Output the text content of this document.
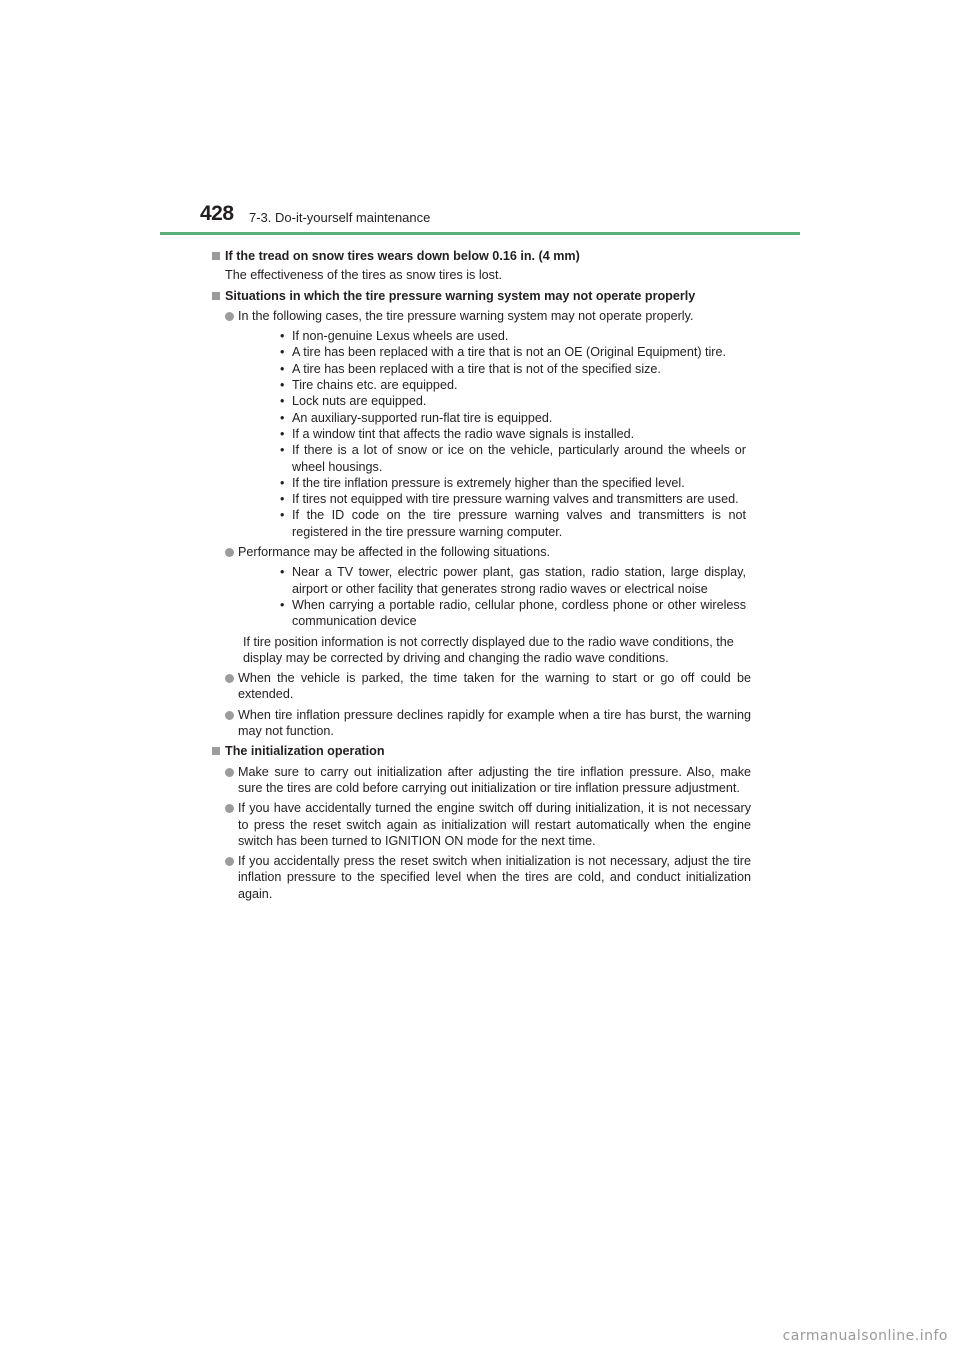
428 7-3. Do-it-yourself maintenance
If the tread on snow tires wears down below 0.16 in. (4 mm)
The effectiveness of the tires as snow tires is lost.
Situations in which the tire pressure warning system may not operate properly
In the following cases, the tire pressure warning system may not operate properly.
• If non-genuine Lexus wheels are used.
• A tire has been replaced with a tire that is not an OE (Original Equipment) tire.
• A tire has been replaced with a tire that is not of the specified size.
• Tire chains etc. are equipped.
• Lock nuts are equipped.
• An auxiliary-supported run-flat tire is equipped.
• If a window tint that affects the radio wave signals is installed.
• If there is a lot of snow or ice on the vehicle, particularly around the wheels or wheel housings.
• If the tire inflation pressure is extremely higher than the specified level.
• If tires not equipped with tire pressure warning valves and transmitters are used.
• If the ID code on the tire pressure warning valves and transmitters is not registered in the tire pressure warning computer.
Performance may be affected in the following situations.
• Near a TV tower, electric power plant, gas station, radio station, large display, airport or other facility that generates strong radio waves or electrical noise
• When carrying a portable radio, cellular phone, cordless phone or other wireless communication device
If tire position information is not correctly displayed due to the radio wave conditions, the display may be corrected by driving and changing the radio wave conditions.
When the vehicle is parked, the time taken for the warning to start or go off could be extended.
When tire inflation pressure declines rapidly for example when a tire has burst, the warning may not function.
The initialization operation
Make sure to carry out initialization after adjusting the tire inflation pressure. Also, make sure the tires are cold before carrying out initialization or tire inflation pressure adjustment.
If you have accidentally turned the engine switch off during initialization, it is not necessary to press the reset switch again as initialization will restart automatically when the engine switch has been turned to IGNITION ON mode for the next time.
If you accidentally press the reset switch when initialization is not necessary, adjust the tire inflation pressure to the specified level when the tires are cold, and conduct initialization again.
carmanualsonline.info
